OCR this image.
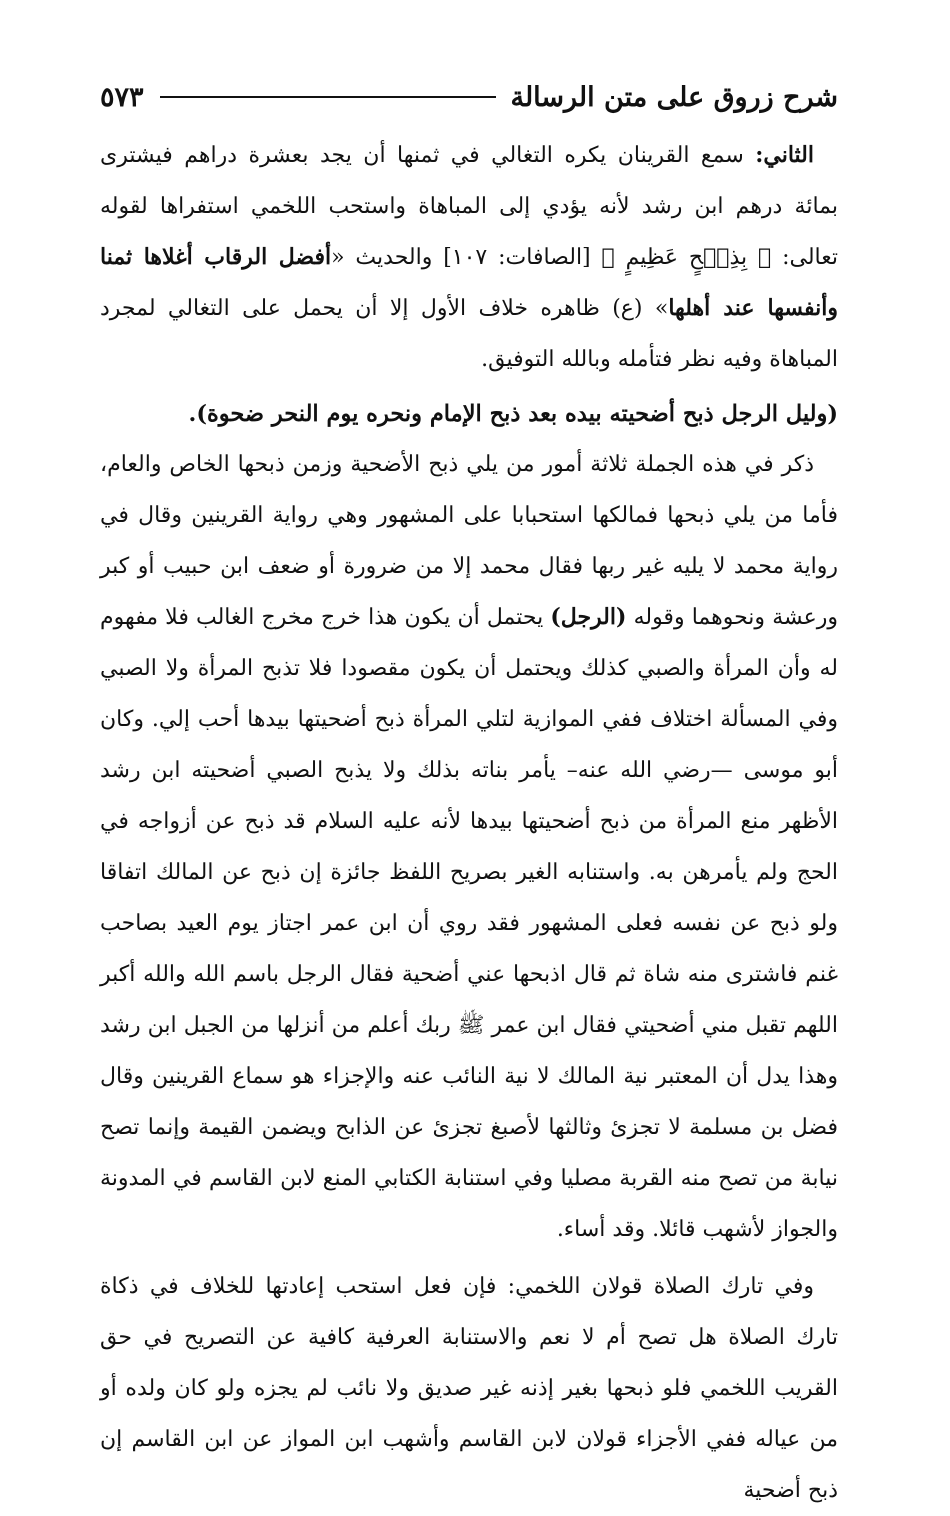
شرح زروق على متن الرسالة
٥٧٣

الثاني: سمع القرينان يكره التغالي في ثمنها أن يجد بعشرة دراهم فيشترى بمائة درهم ابن رشد لأنه يؤدي إلى المباهاة واستحب اللخمي استفراها لقوله تعالى: ﴿ بِذِبۡحٍ عَظِيمٍ ﴾ [الصافات: ١٠٧] والحديث «أفضل الرقاب أغلاها ثمنا وأنفسها عند أهلها» (ع) ظاهره خلاف الأول إلا أن يحمل على التغالي لمجرد المباهاة وفيه نظر فتأمله وبالله التوفيق.

(وليل الرجل ذبح أضحيته بيده بعد ذبح الإمام ونحره يوم النحر ضحوة).

ذكر في هذه الجملة ثلاثة أمور من يلي ذبح الأضحية وزمن ذبحها الخاص والعام، فأما من يلي ذبحها فمالكها استحبابا على المشهور وهي رواية القرينين وقال في رواية محمد لا يليه غير ربها فقال محمد إلا من ضرورة أو ضعف ابن حبيب أو كبر ورعشة ونحوهما وقوله (الرجل) يحتمل أن يكون هذا خرج مخرج الغالب فلا مفهوم له وأن المرأة والصبي كذلك ويحتمل أن يكون مقصودا فلا تذبح المرأة ولا الصبي وفي المسألة اختلاف ففي الموازية لتلي المرأة ذبح أضحيتها بيدها أحب إلي. وكان أبو موسى —رضي الله عنه– يأمر بناته بذلك ولا يذبح الصبي أضحيته ابن رشد الأظهر منع المرأة من ذبح أضحيتها بيدها لأنه عليه السلام قد ذبح عن أزواجه في الحج ولم يأمرهن به. واستنابه الغير بصريح اللفظ جائزة إن ذبح عن المالك اتفاقا ولو ذبح عن نفسه فعلى المشهور فقد روي أن ابن عمر اجتاز يوم العيد بصاحب غنم فاشترى منه شاة ثم قال اذبحها عني أضحية فقال الرجل باسم الله والله أكبر اللهم تقبل مني أضحيتي فقال ابن عمر ﷺ ربك أعلم من أنزلها من الجبل ابن رشد وهذا يدل أن المعتبر نية المالك لا نية النائب عنه والإجزاء هو سماع القرينين وقال فضل بن مسلمة لا تجزئ وثالثها لأصبغ تجزئ عن الذابح ويضمن القيمة وإنما تصح نيابة من تصح منه القربة مصليا وفي استنابة الكتابي المنع لابن القاسم في المدونة والجواز لأشهب قائلا. وقد أساء.

وفي تارك الصلاة قولان اللخمي: فإن فعل استحب إعادتها للخلاف في ذكاة تارك الصلاة هل تصح أم لا نعم والاستنابة العرفية كافية عن التصريح في حق القريب اللخمي فلو ذبحها بغير إذنه غير صديق ولا نائب لم يجزه ولو كان ولده أو من عياله ففي الأجزاء قولان لابن القاسم وأشهب ابن المواز عن ابن القاسم إن ذبح أضحية
